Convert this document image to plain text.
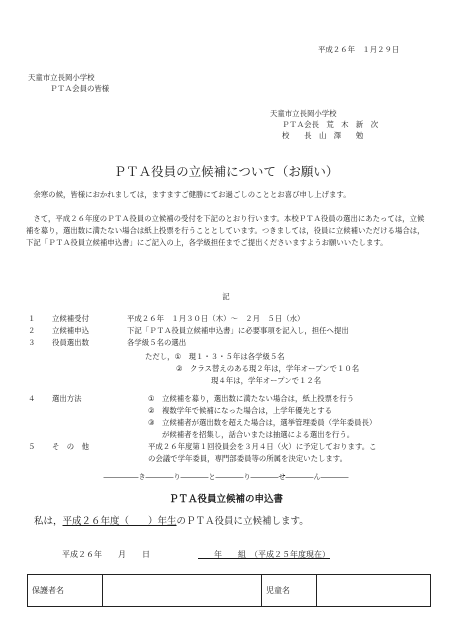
平成２６年　１月２９日
天童市立長岡小学校
ＰＴＡ会員の皆様
天童市立長岡小学校
ＰＴＡ会長　荒　木　新　次
校　　長　山　澤　　勉
ＰＴＡ役員の立候補について（お願い）
余寒の候，皆様におかれましては，ますますご健勝にてお過ごしのこととお喜び申し上げます。
さて，平成２６年度のＰＴＡ役員の立候補の受付を下記のとおり行います。本校ＰＴＡ役員の選出にあたっては，立候補を募り，選出数に満たない場合は紙上投票を行うこととしています。つきましては，役員に立候補いただける場合は，下記「ＰＴＡ役員立候補申込書」にご記入の上，各学級担任までご提出くださいますようお願いいたします。
記
１ 立候補受付	平成２６年　１月３０日（木）～　２月　５日（水）
２ 立候補申込	下記「ＰＴＡ役員立候補申込書」に必要事項を記入し，担任へ提出
３ 役員選出数	各学級５名の選出
ただし，①　現１・３・５年は各学級５名
②　クラス替えのある現２年は，学年オープンで１０名
現４年は，学年オープンで１２名
４ 選出方法	①　立候補を募り，選出数に満たない場合は，紙上投票を行う
②　複数学年で候補になった場合は，上学年優先とする
③　立候補者が選出数を超えた場合は，選挙管理委員（学年委員長）
が候補者を招集し，話合いまたは抽選による選出を行う。
５ そ　の　他	平成２６年度第１回役員会を３月４日（火）に予定しております。こ
の会議で学年委員，専門部委員等の所属を決定いたします。
―――――き――――り――――と――――り――――せ――――ん――――
ＰＴＡ役員立候補の申込書
私は，平成２６年度（　　）年生のＰＴＡ役員に立候補します。
平成２６年　　月　　日	　　年　　組　（平成２５年度現在）
保護者名		児童名	
